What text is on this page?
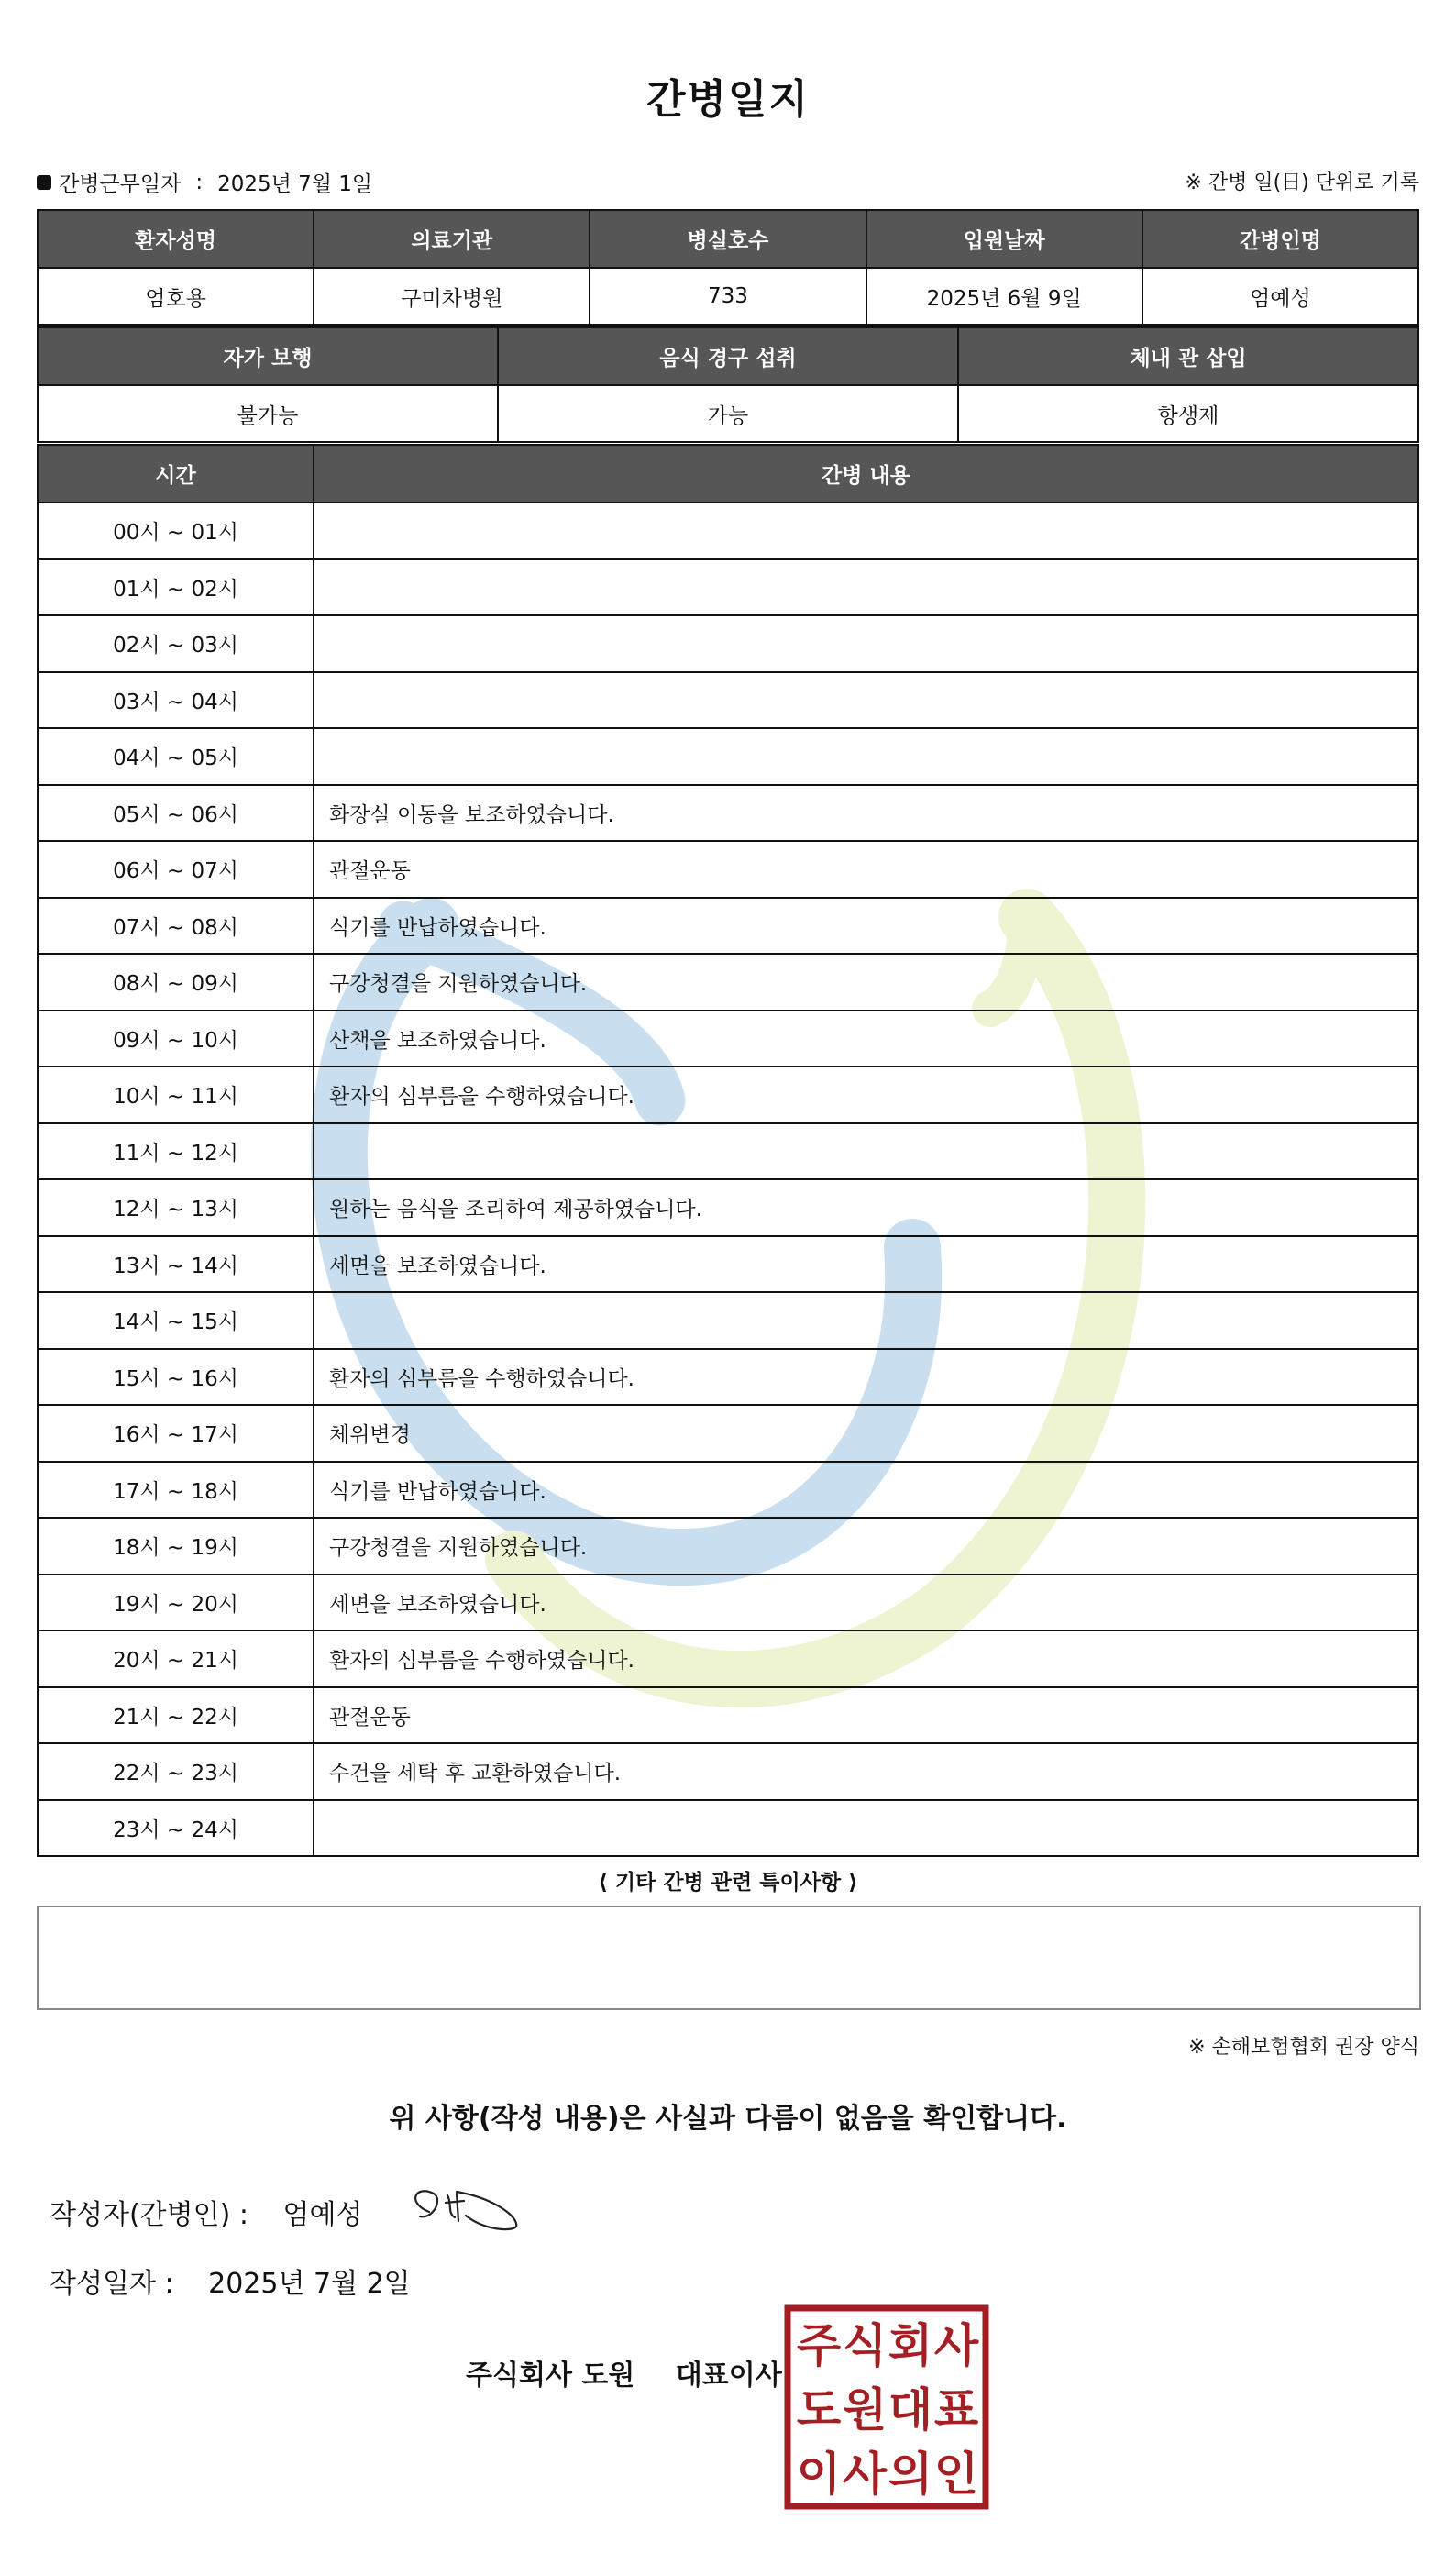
간병일지
간병근무일자 : 2025년 7월 1일	※ 간병 일(日) 단위로 기록
환자성명	의료기관	병실호수	입원날짜	간병인명
엄호용	구미차병원	733	2025년 6월 9일	엄예성
자가 보행	음식 경구 섭취	체내 관 삽입
불가능	가능	항생제
시간	간병 내용
00시 ~ 01시	
01시 ~ 02시	
02시 ~ 03시	
03시 ~ 04시	
04시 ~ 05시	
05시 ~ 06시	화장실 이동을 보조하였습니다.
06시 ~ 07시	관절운동
07시 ~ 08시	식기를 반납하였습니다.
08시 ~ 09시	구강청결을 지원하였습니다.
09시 ~ 10시	산책을 보조하였습니다.
10시 ~ 11시	환자의 심부름을 수행하였습니다.
11시 ~ 12시	
12시 ~ 13시	원하는 음식을 조리하여 제공하였습니다.
13시 ~ 14시	세면을 보조하였습니다.
14시 ~ 15시	
15시 ~ 16시	환자의 심부름을 수행하였습니다.
16시 ~ 17시	체위변경
17시 ~ 18시	식기를 반납하였습니다.
18시 ~ 19시	구강청결을 지원하였습니다.
19시 ~ 20시	세면을 보조하였습니다.
20시 ~ 21시	환자의 심부름을 수행하였습니다.
21시 ~ 22시	관절운동
22시 ~ 23시	수건을 세탁 후 교환하였습니다.
23시 ~ 24시	
⟨ 기타 간병 관련 특이사항 ⟩
※ 손해보험협회 권장 양식
위 사항(작성 내용)은 사실과 다름이 없음을 확인합니다.
작성자(간병인) : 엄예성
작성일자 : 2025년 7월 2일
주식회사 도원 대표이사
주 식 회 사
도 원 대 표
이 사 의 인
